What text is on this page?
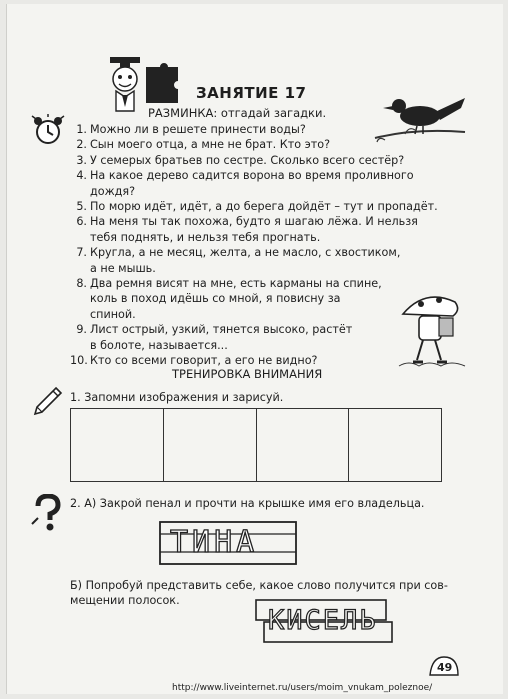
ЗАНЯТИЕ 17
РАЗМИНКА: отгадай загадки.
1. Можно ли в решете принести воды?
2. Сын моего отца, а мне не брат. Кто это?
3. У семерых братьев по сестре. Сколько всего сестёр?
4. На какое дерево садится ворона во время проливного
дождя?
5. По морю идёт, идёт, а до берега дойдёт – тут и пропадёт.
6. На меня ты так похожа, будто я шагаю лёжа. И нельзя
тебя поднять, и нельзя тебя прогнать.
7. Кругла, а не месяц, желта, а не масло, с хвостиком,
а не мышь.
8. Два ремня висят на мне, есть карманы на спине,
коль в поход идёшь со мной, я повисну за
спиной.
9. Лист острый, узкий, тянется высоко, растёт
в болоте, называется...
10. Кто со всеми говорит, а его не видно?
ТРЕНИРОВКА ВНИМАНИЯ
1. Запомни изображения и зарисуй.
2. А) Закрой пенал и прочти на крышке имя его владельца.
ТИНА
Б) Попробуй представить себе, какое слово получится при сов-
мещении полосок.
КИСЕЛЬ
49
http://www.liveinternet.ru/users/moim_vnukam_poleznoe/
